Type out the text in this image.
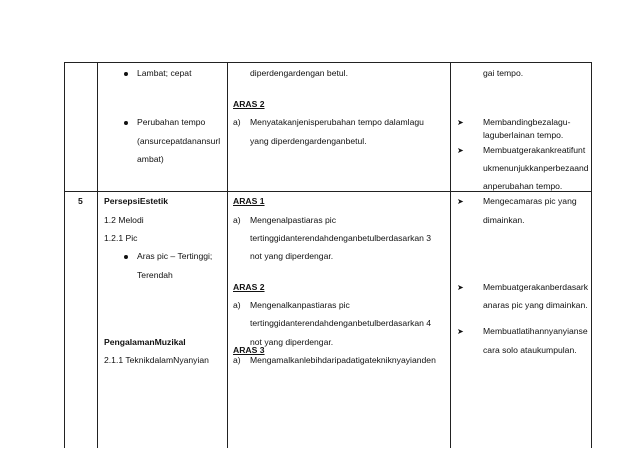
Lambat; cepat
Perubahan tempo
(ansurcepatdanansurl
ambat)
diperdengardengan betul.
ARAS 2
a) Menyatakanjenisperubahan tempo dalamlagu
yang diperdengardenganbetul.
gai tempo.
➤ Membandingbezalagu-
laguberlainan tempo.
➤ Membuatgerakankreatifunt
ukmenunjukkanperbezaand
anperubahan tempo.
5 PersepsiEstetik
1.2 Melodi
1.2.1 Pic
Aras pic – Tertinggi;
Terendah
PengalamanMuzikal
2.1.1 TeknikdalamNyanyian
ARAS 1
a) Mengenalpastiaras pic
tertinggidanterendahdenganbetulberdasarkan 3
not yang diperdengar.
ARAS 2
a) Mengenalkanpastiaras pic
tertinggidanterendahdenganbetulberdasarkan 4
not yang diperdengar.
ARAS 3
a) Mengamalkanlebihdaripadatigatekniknyayianden
➤ Mengecamaras pic yang
dimainkan.
➤ Membuatgerakanberdasark
anaras pic yang dimainkan.
➤ Membuatlatihannyanyianse
cara solo ataukumpulan.
